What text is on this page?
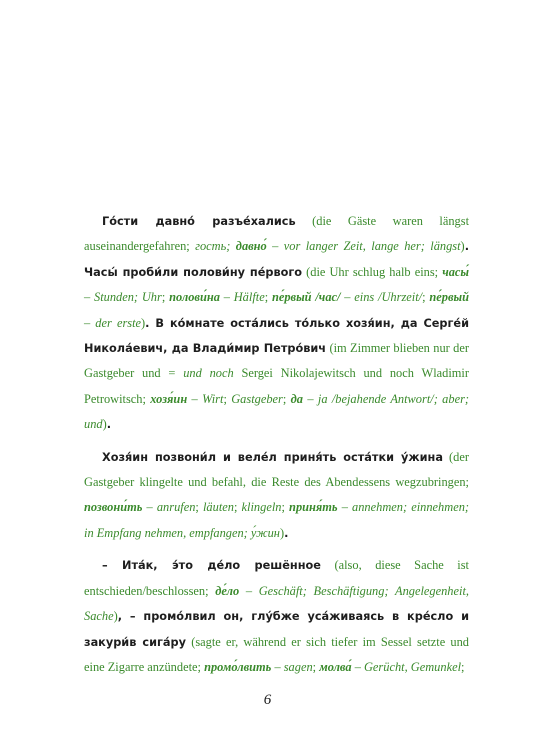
Го́сти давно́ разъе́хались (die Gäste waren längst auseinandergefahren; гость; давно́ – vor langer Zeit, lange her; längst). Часы́ проби́ли полови́ну пе́рвого (die Uhr schlug halb eins; часы́ – Stunden; Uhr; полови́на – Hälfte; пе́рвый /час/ – eins /Uhrzeit/; пе́рвый – der erste). В ко́мнате оста́лись то́лько хозя́ин, да Серге́й Никола́евич, да Влади́мир Петро́вич (im Zimmer blieben nur der Gastgeber und = und noch Sergei Nikolajewitsch und noch Wladimir Petrowitsch; хозя́ин – Wirt; Gastgeber; да – ja /bejahende Antwort/; aber; und).

Хозя́ин позвони́л и веле́л приня́ть оста́тки у́жина (der Gastgeber klingelte und befahl, die Reste des Abendessens wegzubringen; позвони́ть – anrufen; läuten; klingeln; приня́ть – annehmen; einnehmen; in Empfang nehmen, empfangen; у́жин).

– Ита́к, э́то де́ло решённое (also, diese Sache ist entschieden/beschlossen; де́ло – Geschäft; Beschäftigung; Angelegenheit, Sache), – промо́лвил он, глу́бже уса́живаясь в кре́сло и закури́в сига́ру (sagte er, während er sich tiefer im Sessel setzte und eine Zigarre anzündete; промо́лвить – sagen; молва́ – Gerücht, Gemunkel;

6
